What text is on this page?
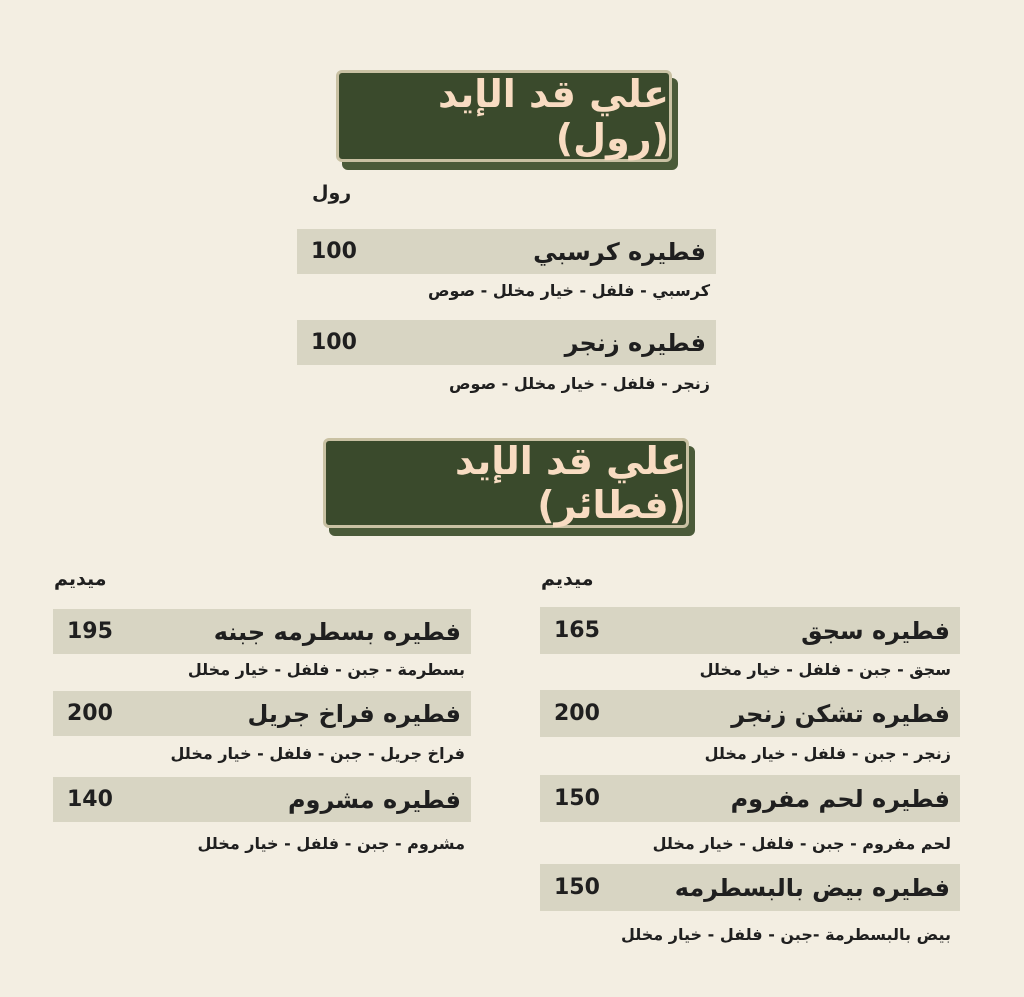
علي قد الإيد (رول)
رول
فطيره كرسبي
100
كرسبي - فلفل - خيار مخلل - صوص
فطيره زنجر
100
زنجر - فلفل - خيار مخلل - صوص
علي قد الإيد (فطائر)
ميديم
ميديم
فطيره سجق
165
سجق - جبن - فلفل - خيار مخلل
فطيره تشكن زنجر
200
زنجر - جبن - فلفل - خيار مخلل
فطيره لحم مفروم
150
لحم مفروم - جبن - فلفل - خيار مخلل
فطيره بيض بالبسطرمه
150
بيض بالبسطرمة -جبن - فلفل - خيار مخلل
فطيره بسطرمه جبنه
195
بسطرمة - جبن - فلفل - خيار مخلل
فطيره فراخ جريل
200
فراخ جريل - جبن - فلفل - خيار مخلل
فطيره مشروم
140
مشروم - جبن - فلفل - خيار مخلل
